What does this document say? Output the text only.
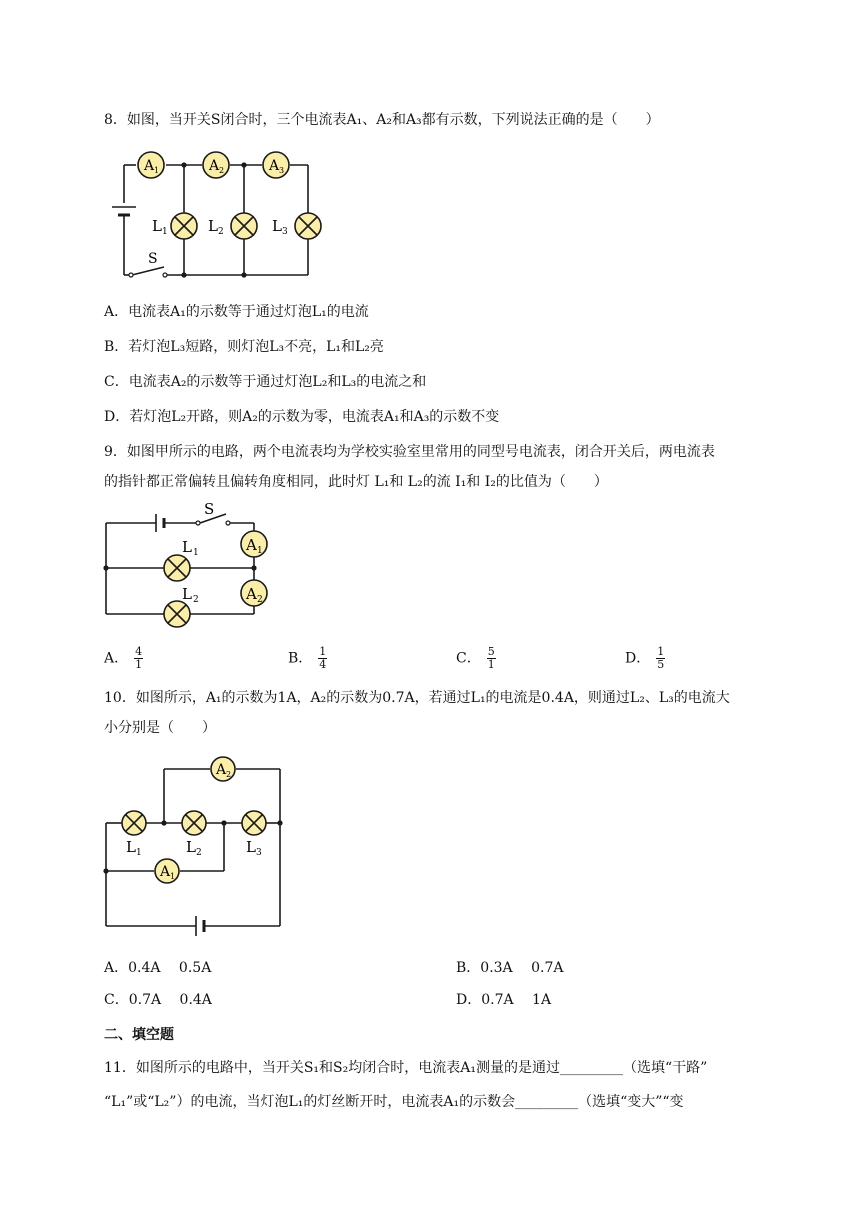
8．如图，当开关S闭合时，三个电流表A₁、A₂和A₃都有示数，下列说法正确的是（　　）
A 1	A 2	A 3
L 1	L 2	L 3
S
A．电流表A₁的示数等于通过灯泡L₁的电流
B．若灯泡L₃短路，则灯泡L₃不亮，L₁和L₂亮
C．电流表A₂的示数等于通过灯泡L₂和L₃的电流之和
D．若灯泡L₂开路，则A₂的示数为零，电流表A₁和A₃的示数不变
9．如图甲所示的电路，两个电流表均为学校实验室里常用的同型号电流表，闭合开关后，两电流表
的指针都正常偏转且偏转角度相同，此时灯 L₁和 L₂的流 I₁和 I₂的比值为（　　）
S
A 1
A 2
L 1
L 2
A． $\frac{4}{1}$	B． $\frac{1}{4}$	C． $\frac{5}{1}$	D． $\frac{1}{5}$
10．如图所示，A₁的示数为1A，A₂的示数为0.7A，若通过L₁的电流是0.4A，则通过L₂、L₃的电流大
小分别是（　　）
A 2
A 1
L 1	L 2	L 3
A．0.4A　 0.5A	B．0.3A　 0.7A
C．0.7A　 0.4A	D．0.7A　 1A
二、填空题
11．如图所示的电路中，当开关S₁和S₂均闭合时，电流表A₁测量的是通过_________（选填“干路”
“L₁”或“L₂”）的电流，当灯泡L₁的灯丝断开时，电流表A₁的示数会_________（选填“变大”“变
